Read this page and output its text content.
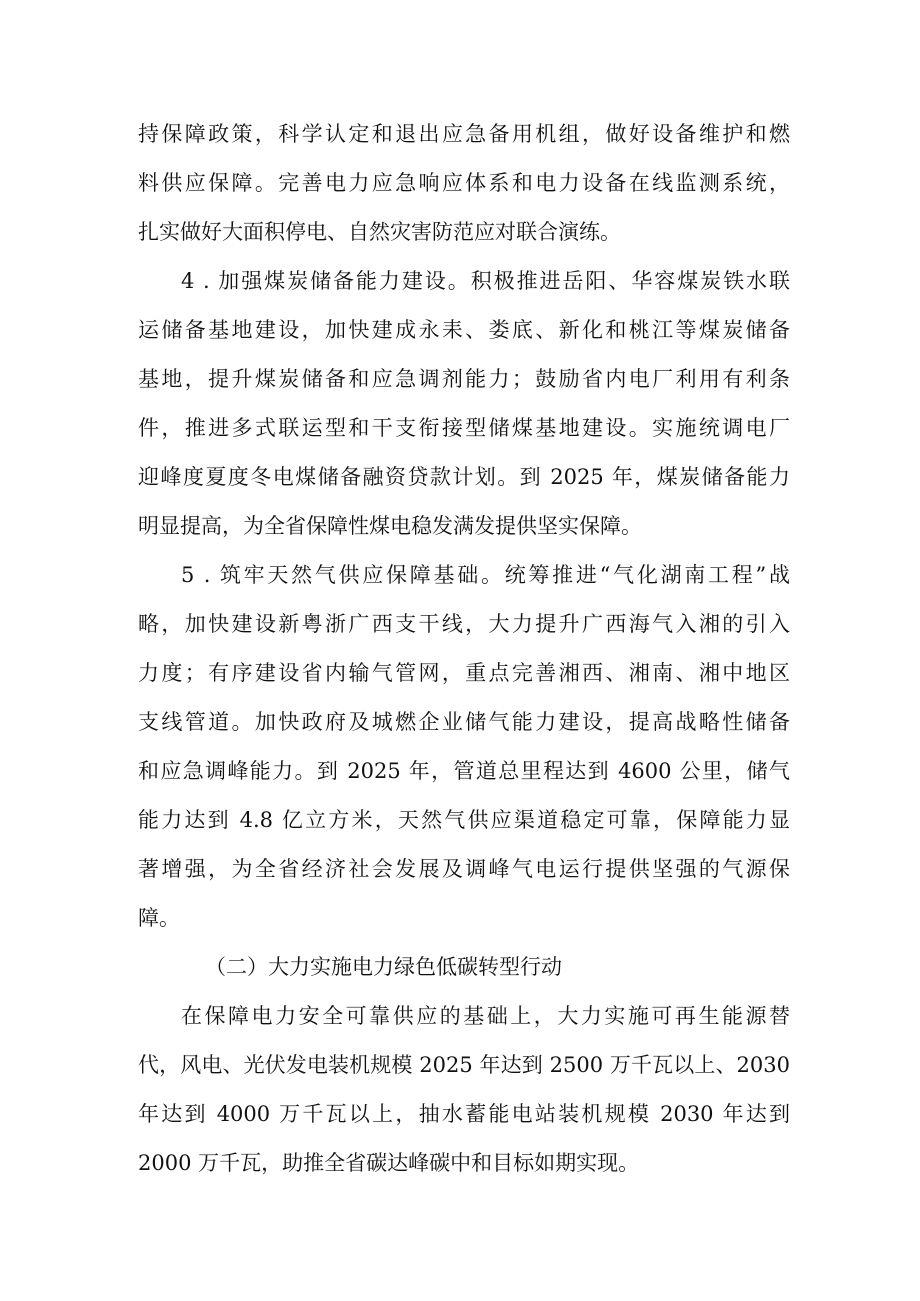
持保障政策，科学认定和退出应急备用机组，做好设备维护和燃
料供应保障。完善电力应急响应体系和电力设备在线监测系统，
扎实做好大面积停电、自然灾害防范应对联合演练。
4 . 加强煤炭储备能力建设。积极推进岳阳、华容煤炭铁水联
运储备基地建设，加快建成永耒、娄底、新化和桃江等煤炭储备
基地，提升煤炭储备和应急调剂能力；鼓励省内电厂利用有利条
件，推进多式联运型和干支衔接型储煤基地建设。实施统调电厂
迎峰度夏度冬电煤储备融资贷款计划。到 2025 年，煤炭储备能力
明显提高，为全省保障性煤电稳发满发提供坚实保障。
5 . 筑牢天然气供应保障基础。统筹推进“气化湖南工程”战
略，加快建设新粤浙广西支干线，大力提升广西海气入湘的引入
力度；有序建设省内输气管网，重点完善湘西、湘南、湘中地区
支线管道。加快政府及城燃企业储气能力建设，提高战略性储备
和应急调峰能力。到 2025 年，管道总里程达到 4600 公里，储气
能力达到 4.8 亿立方米，天然气供应渠道稳定可靠，保障能力显
著增强，为全省经济社会发展及调峰气电运行提供坚强的气源保
障。
（二）大力实施电力绿色低碳转型行动
在保障电力安全可靠供应的基础上，大力实施可再生能源替
代，风电、光伏发电装机规模 2025 年达到 2500 万千瓦以上、2030
年达到 4000 万千瓦以上，抽水蓄能电站装机规模 2030 年达到
2000 万千瓦，助推全省碳达峰碳中和目标如期实现。
